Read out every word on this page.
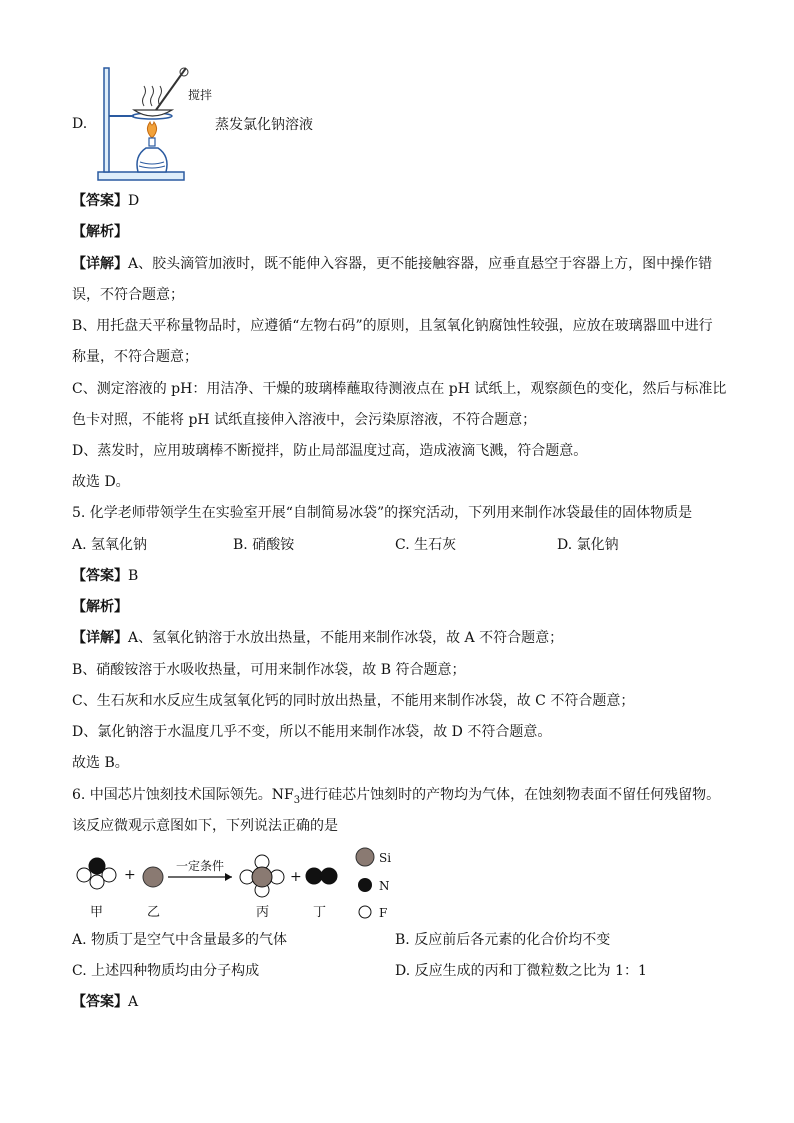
D.
搅拌
蒸发氯化钠溶液
【答案】D
【解析】
【详解】A、胶头滴管加液时，既不能伸入容器，更不能接触容器，应垂直悬空于容器上方，图中操作错
误，不符合题意；
B、用托盘天平称量物品时，应遵循“左物右码”的原则，且氢氧化钠腐蚀性较强，应放在玻璃器皿中进行
称量，不符合题意；
C、测定溶液的 pH：用洁净、干燥的玻璃棒蘸取待测液点在 pH 试纸上，观察颜色的变化，然后与标准比
色卡对照，不能将 pH 试纸直接伸入溶液中，会污染原溶液，不符合题意；
D、蒸发时，应用玻璃棒不断搅拌，防止局部温度过高，造成液滴飞溅，符合题意。
故选 D。
5. 化学老师带领学生在实验室开展“自制简易冰袋”的探究活动，下列用来制作冰袋最佳的固体物质是
A. 氢氧化钠	B. 硝酸铵	C. 生石灰	D. 氯化钠
【答案】B
【解析】
【详解】A、氢氧化钠溶于水放出热量，不能用来制作冰袋，故 A 不符合题意；
B、硝酸铵溶于水吸收热量，可用来制作冰袋，故 B 符合题意；
C、生石灰和水反应生成氢氧化钙的同时放出热量，不能用来制作冰袋，故 C 不符合题意；
D、氯化钠溶于水温度几乎不变，所以不能用来制作冰袋，故 D 不符合题意。
故选 B。
6. 中国芯片蚀刻技术国际领先。$NF_3$进行硅芯片蚀刻时的产物均为气体，在蚀刻物表面不留任何残留物。
该反应微观示意图如下，下列说法正确的是
+
一定条件
+
甲	乙	丙	丁
Si
N
F
A. 物质丁是空气中含量最多的气体	B. 反应前后各元素的化合价均不变
C. 上述四种物质均由分子构成	D. 反应生成的丙和丁微粒数之比为 1：1
【答案】A
